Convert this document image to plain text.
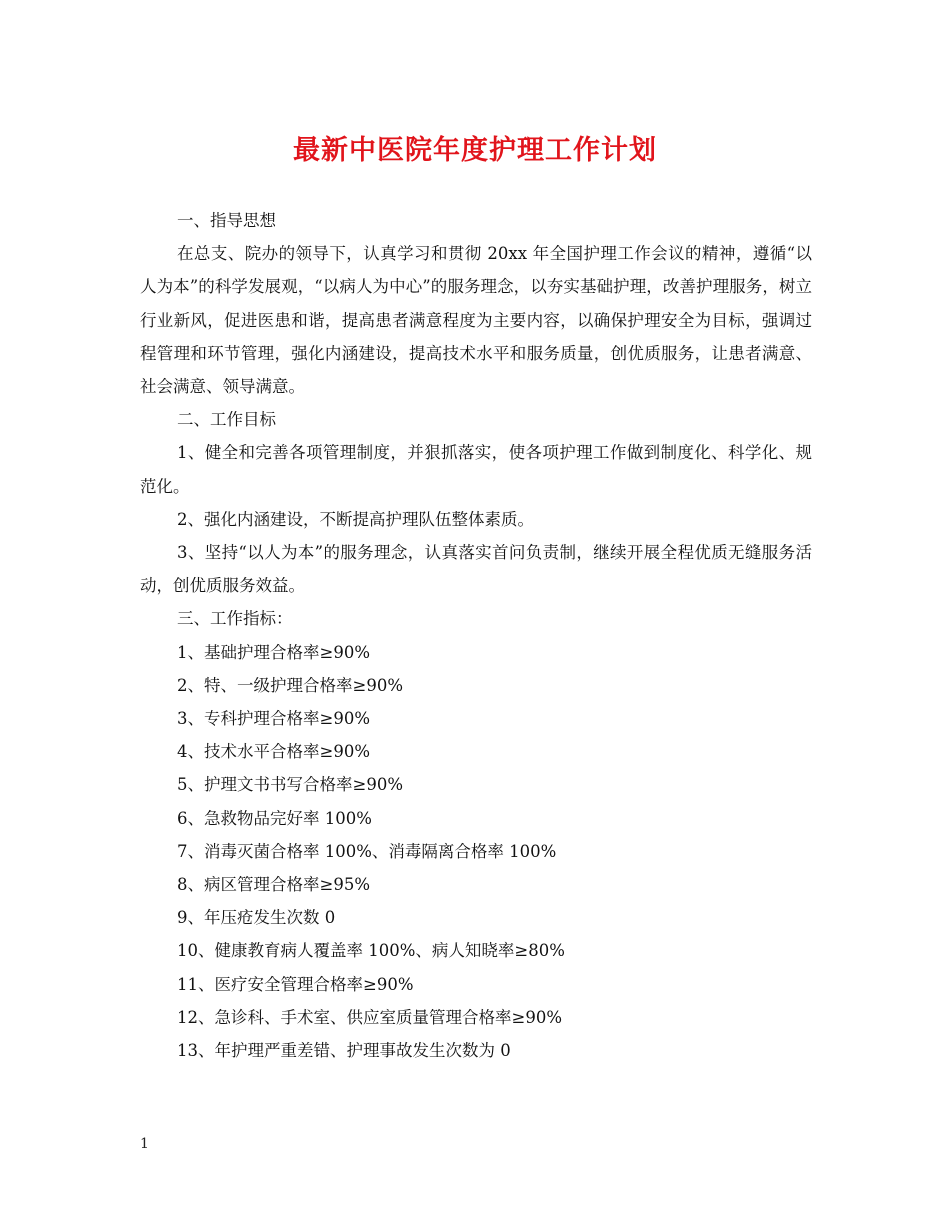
最新中医院年度护理工作计划

一、指导思想

在总支、院办的领导下，认真学习和贯彻 20xx 年全国护理工作会议的精神，遵循“以人为本”的科学发展观，“以病人为中心”的服务理念，以夯实基础护理，改善护理服务，树立行业新风，促进医患和谐，提高患者满意程度为主要内容，以确保护理安全为目标，强调过程管理和环节管理，强化内涵建设，提高技术水平和服务质量，创优质服务，让患者满意、社会满意、领导满意。

二、工作目标

1、健全和完善各项管理制度，并狠抓落实，使各项护理工作做到制度化、科学化、规范化。

2、强化内涵建设，不断提高护理队伍整体素质。

3、坚持“以人为本”的服务理念，认真落实首问负责制，继续开展全程优质无缝服务活动，创优质服务效益。

三、工作指标：

1、基础护理合格率≥90%

2、特、一级护理合格率≥90%

3、专科护理合格率≥90%

4、技术水平合格率≥90%

5、护理文书书写合格率≥90%

6、急救物品完好率 100%

7、消毒灭菌合格率 100%、消毒隔离合格率 100%

8、病区管理合格率≥95%

9、年压疮发生次数 0

10、健康教育病人覆盖率 100%、病人知晓率≥80%

11、医疗安全管理合格率≥90%

12、急诊科、手术室、供应室质量管理合格率≥90%

13、年护理严重差错、护理事故发生次数为 0

1
